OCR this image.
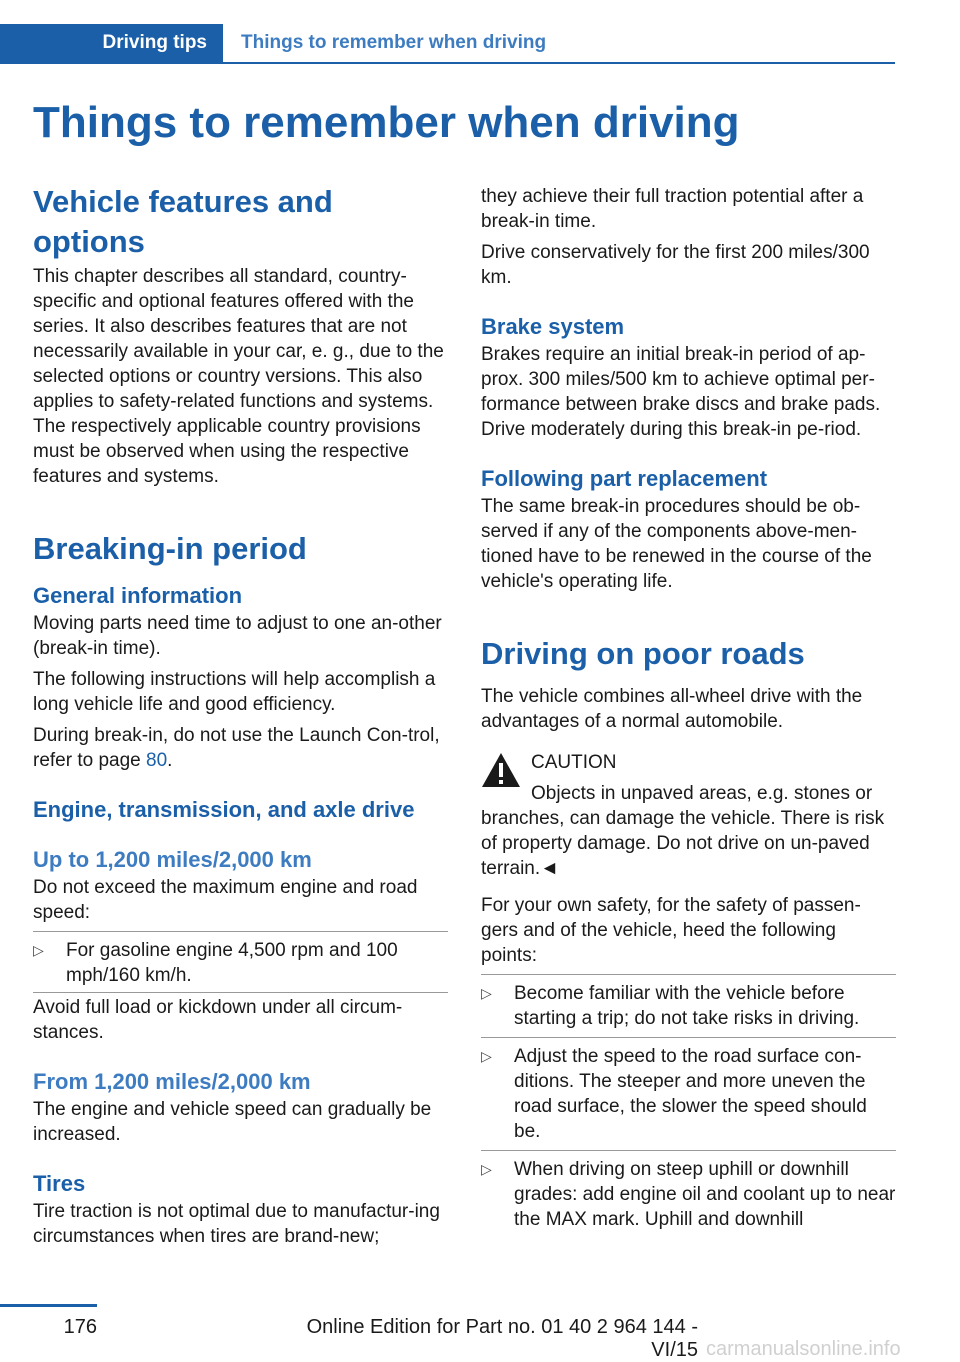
Driving tips	Things to remember when driving
Things to remember when driving
Vehicle features and options

This chapter describes all standard, country-specific and optional features offered with the series. It also describes features that are not necessarily available in your car, e. g., due to the selected options or country versions. This also applies to safety-related functions and systems. The respectively applicable country provisions must be observed when using the respective features and systems.

Breaking-in period
General information

Moving parts need time to adjust to one an-other (break-in time).

The following instructions will help accomplish a long vehicle life and good efficiency.

During break-in, do not use the Launch Con-trol, refer to page 80.

Engine, transmission, and axle drive
Up to 1,200 miles/2,000 km

Do not exceed the maximum engine and road speed:

▷	For gasoline engine 4,500 rpm and 100 mph/160 km/h.

Avoid full load or kickdown under all circum-stances.

From 1,200 miles/2,000 km

The engine and vehicle speed can gradually be increased.

Tires

Tire traction is not optimal due to manufactur-ing circumstances when tires are brand-new;

they achieve their full traction potential after a break-in time.

Drive conservatively for the first 200 miles/300 km.

Brake system

Brakes require an initial break-in period of ap-prox. 300 miles/500 km to achieve optimal per-formance between brake discs and brake pads. Drive moderately during this break-in pe-riod.

Following part replacement

The same break-in procedures should be ob-served if any of the components above-men-tioned have to be renewed in the course of the vehicle's operating life.

Driving on poor roads

The vehicle combines all-wheel drive with the advantages of a normal automobile.

CAUTION

Objects in unpaved areas, e.g. stones or

branches, can damage the vehicle. There is risk of property damage. Do not drive on un-paved terrain.◄

For your own safety, for the safety of passen-gers and of the vehicle, heed the following points:

▷	Become familiar with the vehicle before starting a trip; do not take risks in driving.
▷	Adjust the speed to the road surface con-ditions. The steeper and more uneven the road surface, the slower the speed should be.
▷	When driving on steep uphill or downhill grades: add engine oil and coolant up to near the MAX mark. Uphill and downhill
176	Online Edition for Part no. 01 40 2 964 144 - VI/15 carmanualsonline.info
